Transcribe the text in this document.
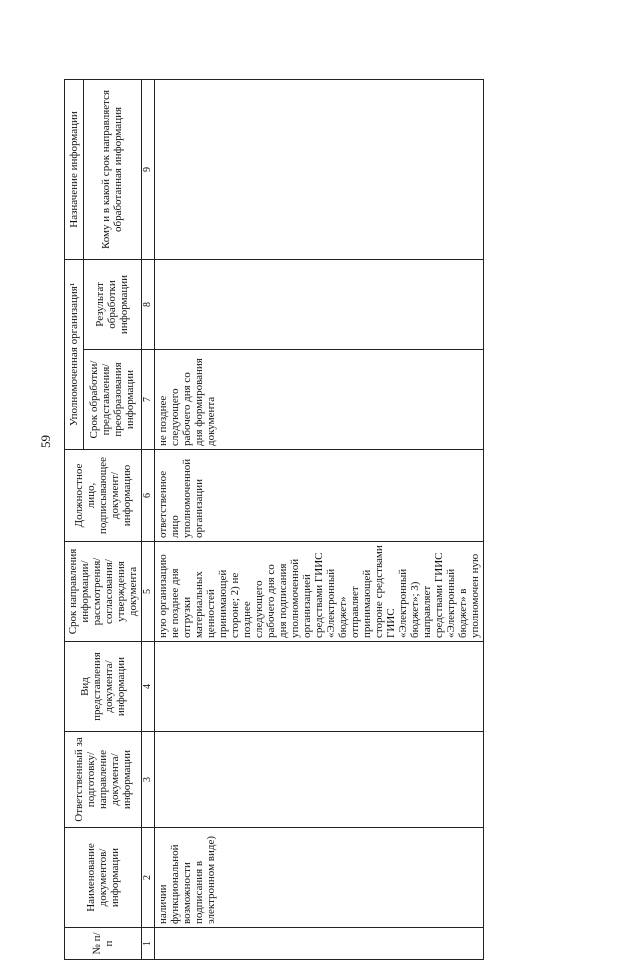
59
№ п/п	Наименование документов/ информации	Ответственный за подготовку/ направление документа/ информации	Вид представления документа/ информации	Срок направления информации/ рассмотрения/ согласования/ утверждения документа	Должностное лицо, подписывающее документ/ информацию	Уполномоченная организация¹		Назначение информации
						Срок обработки/ представления/ преобразования информации	Результат обработки информации	Кому и в какой срок направляется обработанная информация
1	2	3	4	5	6	7	8	9
	наличии функциональной возможности подписания в электронном виде)			ную организацию не позднее дня отгрузки материальных ценностей принимающей стороне; 2) не позднее следующего рабочего дня со дня подписания уполномоченной организацией средствами ГИИС «Электронный бюджет» отправляет принимающей стороне средствами ГИИС «Электронный бюджет»; 3) направляет средствами ГИИС «Электронный бюджет» в уполномочен ную	ответственное лицо уполномоченной организации	не позднее следующего рабочего дня со дня формирования документа		
